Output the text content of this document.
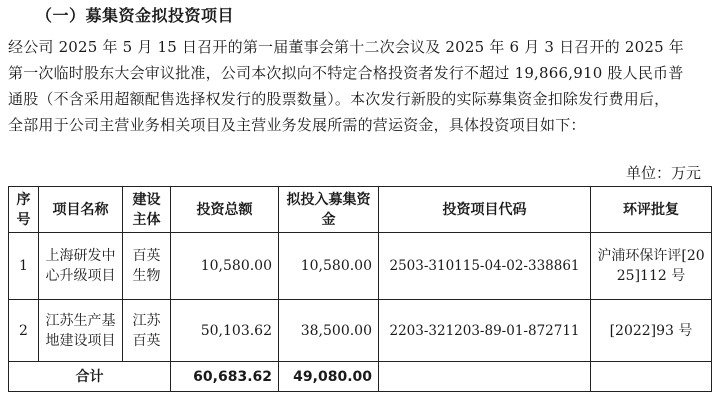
（一）募集资金拟投资项目
经公司 2025 年 5 月 15 日召开的第一届董事会第十二次会议及 2025 年 6 月 3 日召开的 2025 年
第一次临时股东大会审议批准，公司本次拟向不特定合格投资者发行不超过 19,866,910 股人民币普
通股（不含采用超额配售选择权发行的股票数量）。本次发行新股的实际募集资金扣除发行费用后，
全部用于公司主营业务相关项目及主营业务发展所需的营运资金，具体投资项目如下：
单位：万元
序号	项目名称	建设主体	投资总额	拟投入募集资金	投资项目代码	环评批复
1	上海研发中心升级项目	百英生物	10,580.00	10,580.00	2503-310115-04-02-338861	沪浦环保许评[2025]112 号
2	江苏生产基地建设项目	江苏百英	50,103.62	38,500.00	2203-321203-89-01-872711	[2022]93 号
合计			60,683.62	49,080.00		
